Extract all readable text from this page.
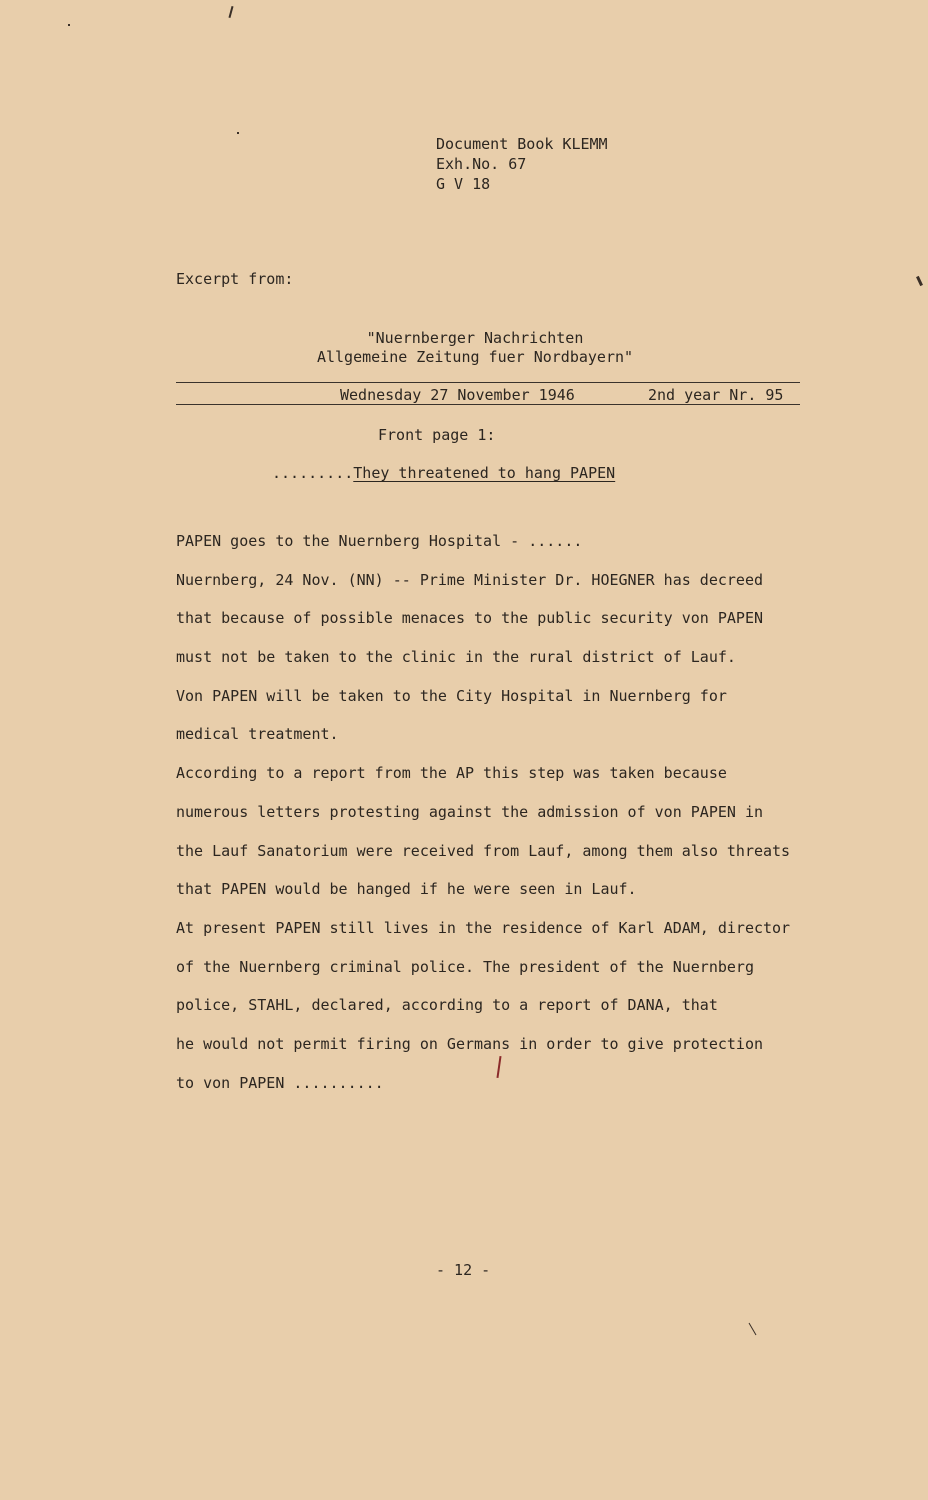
Document Book KLEMM
Exh.No. 67
G V 18
Excerpt from:
"Nuernberger Nachrichten
Allgemeine Zeitung fuer Nordbayern"
Wednesday 27 November 1946	2nd year Nr. 95
Front page 1:
.........They threatened to hang PAPEN
PAPEN goes to the Nuernberg Hospital - ......
Nuernberg, 24 Nov. (NN) -- Prime Minister Dr. HOEGNER has decreed
that because of possible menaces to the public security von PAPEN
must not be taken to the clinic in the rural district of Lauf.
Von PAPEN will be taken to the City Hospital in Nuernberg for
medical treatment.
According to a report from the AP this step was taken because
numerous letters protesting against the admission of von PAPEN in
the Lauf Sanatorium were received from Lauf, among them also threats
that PAPEN would be hanged if he were seen in Lauf.
At present PAPEN still lives in the residence of Karl ADAM, director
of the Nuernberg criminal police. The president of the Nuernberg
police, STAHL, declared, according to a report of DANA, that
he would not permit firing on Germans in order to give protection
to von PAPEN ..........
- 12 -
